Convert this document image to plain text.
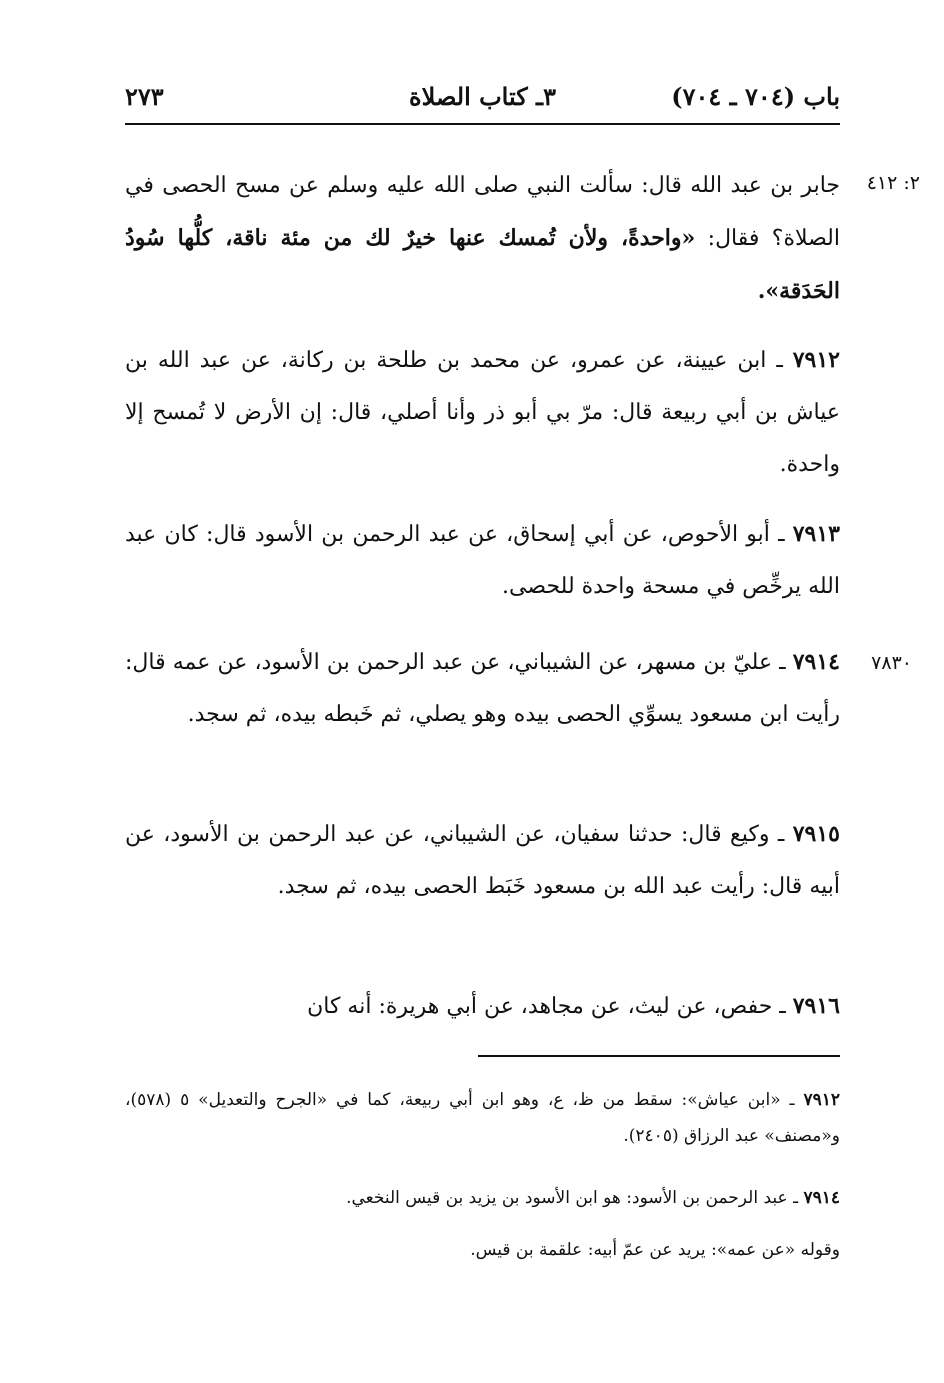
باب (٧٠٤ ـ ٧٠٤)
٣ـ كتاب الصلاة
٢٧٣
٢: ٤١٢

جابر بن عبد الله قال: سألت النبي صلى الله عليه وسلم عن مسح الحصى في الصلاة؟ فقال: «واحدةً، ولأن تُمسك عنها خيرٌ لك من مئة ناقة، كلُّها سُودُ الحَدَقة».

٧٩١٢ ـ ابن عيينة، عن عمرو، عن محمد بن طلحة بن ركانة، عن عبد الله بن عياش بن أبي ربيعة قال: مرّ بي أبو ذر وأنا أصلي، قال: إن الأرض لا تُمسح إلا واحدة.

٧٩١٣ ـ أبو الأحوص، عن أبي إسحاق، عن عبد الرحمن بن الأسود قال: كان عبد الله يرخِّص في مسحة واحدة للحصى.

٧٨٣٠

٧٩١٤ ـ عليّ بن مسهر، عن الشيباني، عن عبد الرحمن بن الأسود، عن عمه قال: رأيت ابن مسعود يسوِّي الحصى بيده وهو يصلي، ثم خَبطه بيده، ثم سجد.

٧٩١٥ ـ وكيع قال: حدثنا سفيان، عن الشيباني، عن عبد الرحمن بن الأسود، عن أبيه قال: رأيت عبد الله بن مسعود خَبَط الحصى بيده، ثم سجد.

٧٩١٦ ـ حفص، عن ليث، عن مجاهد، عن أبي هريرة: أنه كان

٧٩١٢ ـ «ابن عياش»: سقط من ظ، ع، وهو ابن أبي ربيعة، كما في «الجرح والتعديل» ٥ (٥٧٨)، و«مصنف» عبد الرزاق (٢٤٠٥).

٧٩١٤ ـ عبد الرحمن بن الأسود: هو ابن الأسود بن يزيد بن قيس النخعي.

وقوله «عن عمه»: يريد عن عمّ أبيه: علقمة بن قيس.
